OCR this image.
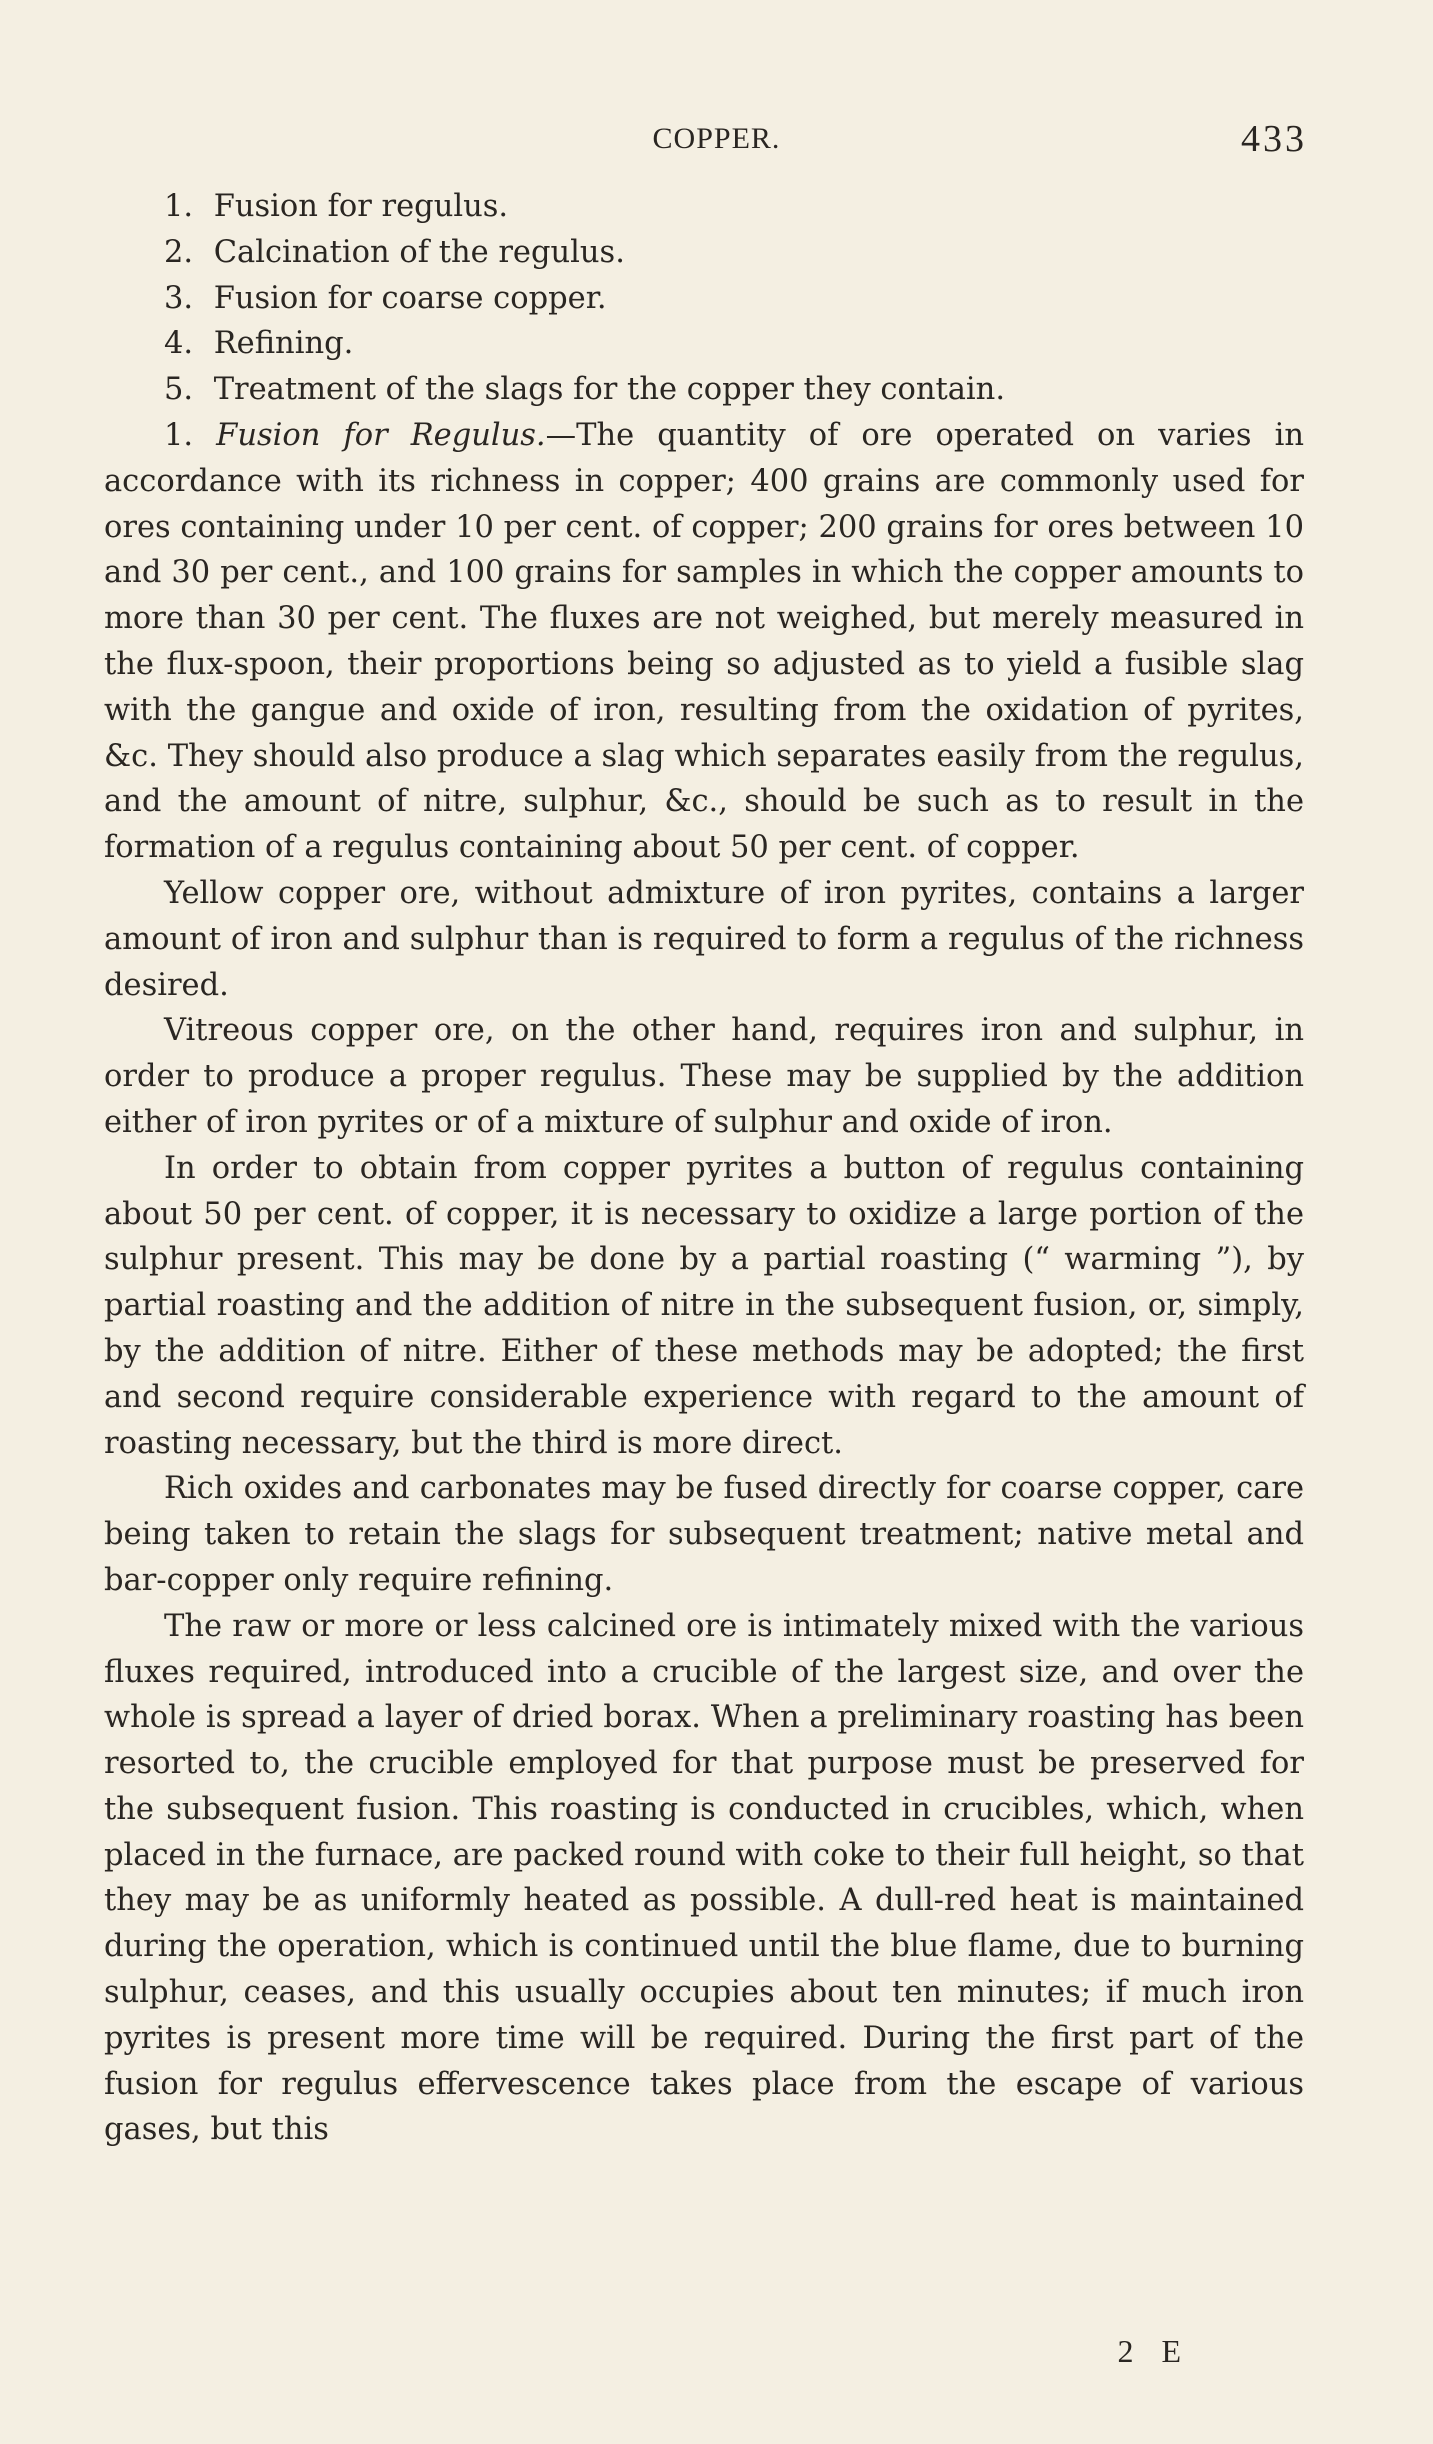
COPPER.	433
1. Fusion for regulus.
2. Calcination of the regulus.
3. Fusion for coarse copper.
4. Refining.
5. Treatment of the slags for the copper they contain.

1. Fusion for Regulus.—The quantity of ore operated on varies in accordance with its richness in copper; 400 grains are commonly used for ores containing under 10 per cent. of copper; 200 grains for ores between 10 and 30 per cent., and 100 grains for samples in which the copper amounts to more than 30 per cent. The fluxes are not weighed, but merely measured in the flux-spoon, their proportions being so adjusted as to yield a fusible slag with the gangue and oxide of iron, resulting from the oxidation of pyrites, &c. They should also produce a slag which separates easily from the regulus, and the amount of nitre, sulphur, &c., should be such as to result in the formation of a regulus containing about 50 per cent. of copper.

Yellow copper ore, without admixture of iron pyrites, contains a larger amount of iron and sulphur than is required to form a regulus of the richness desired.

Vitreous copper ore, on the other hand, requires iron and sulphur, in order to produce a proper regulus. These may be supplied by the addition either of iron pyrites or of a mixture of sulphur and oxide of iron.

In order to obtain from copper pyrites a button of regulus containing about 50 per cent. of copper, it is necessary to oxidize a large portion of the sulphur present. This may be done by a partial roasting (“ warming ”), by partial roasting and the addition of nitre in the subsequent fusion, or, simply, by the addition of nitre. Either of these methods may be adopted; the first and second require considerable experience with regard to the amount of roasting necessary, but the third is more direct.

Rich oxides and carbonates may be fused directly for coarse copper, care being taken to retain the slags for subsequent treatment; native metal and bar-copper only require refining.

The raw or more or less calcined ore is intimately mixed with the various fluxes required, introduced into a crucible of the largest size, and over the whole is spread a layer of dried borax. When a preliminary roasting has been resorted to, the crucible employed for that purpose must be preserved for the subsequent fusion. This roasting is conducted in crucibles, which, when placed in the furnace, are packed round with coke to their full height, so that they may be as uniformly heated as possible. A dull-red heat is maintained during the operation, which is continued until the blue flame, due to burning sulphur, ceases, and this usually occupies about ten minutes; if much iron pyrites is present more time will be required. During the first part of the fusion for regulus effervescence takes place from the escape of various gases, but this

2 E
